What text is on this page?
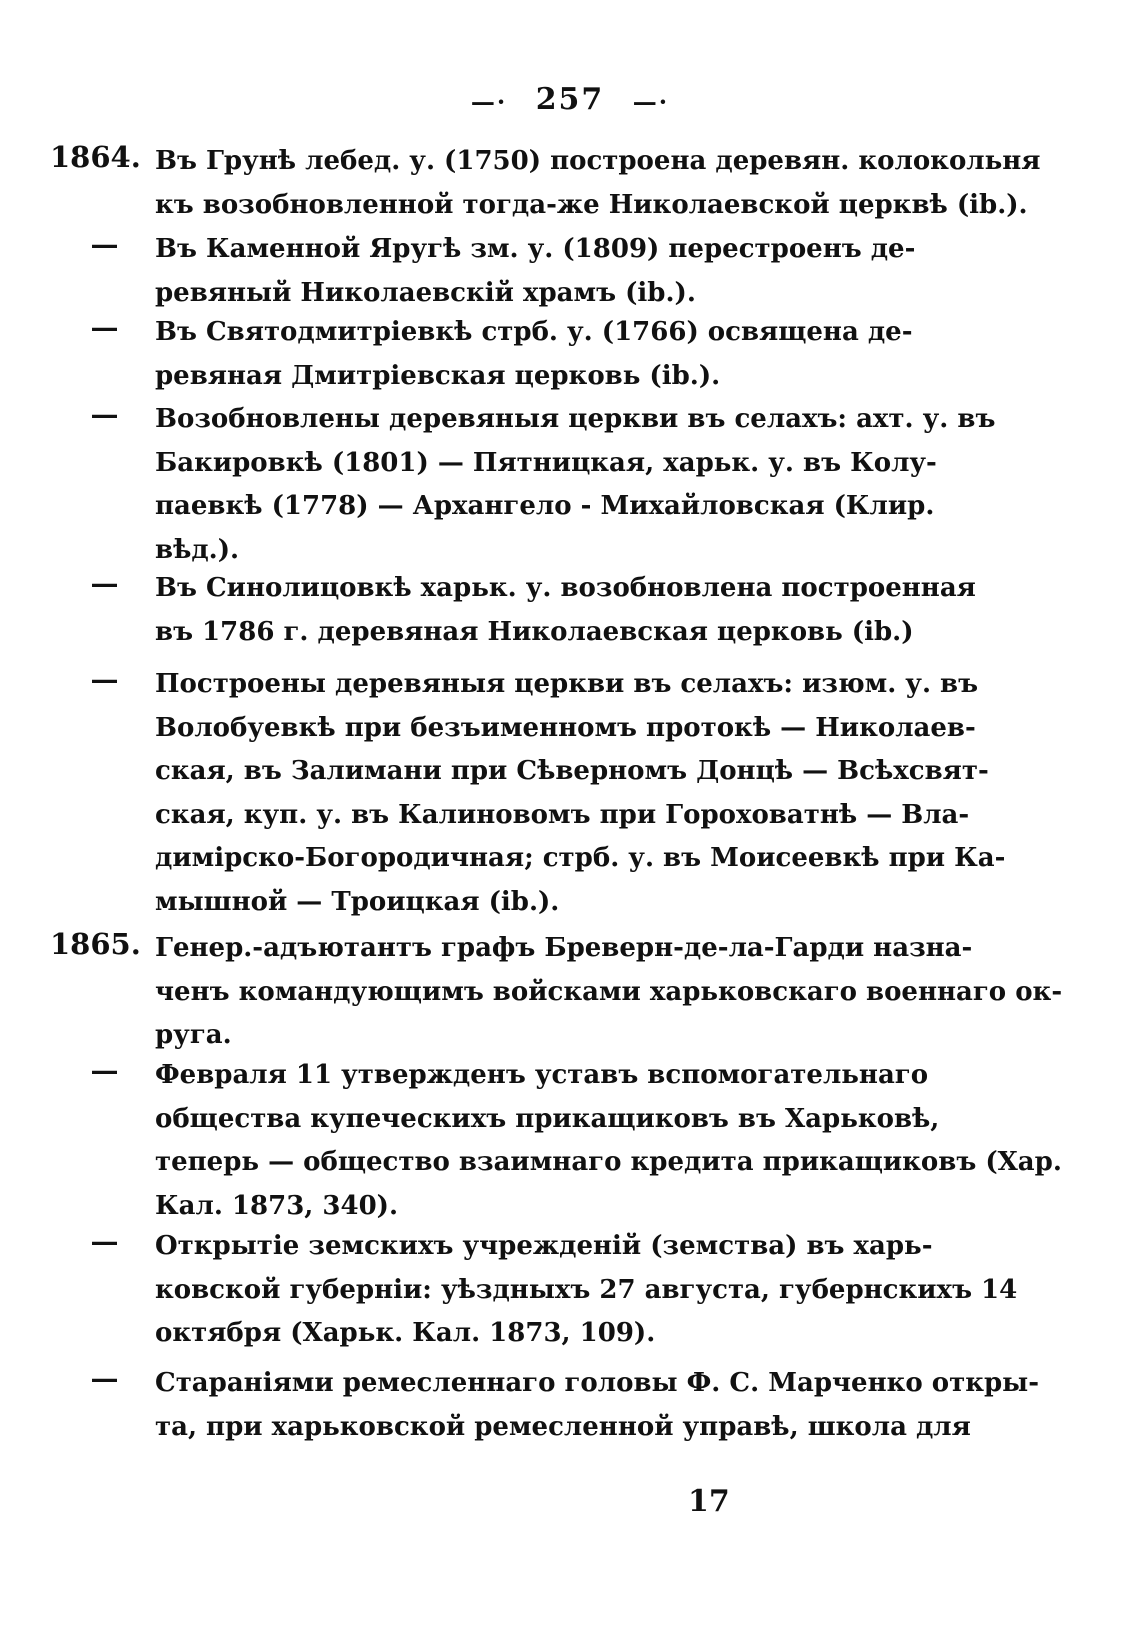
—· 257 —·
1864. Въ Грунѣ лебед. у. (1750) построена деревян. колокольня
къ возобновленной тогда-же Николаевской церквѣ (ib.).
—	Въ Каменной Яругѣ зм. у. (1809) перестроенъ де-
ревяный Николаевскій храмъ (ib.).
—	Въ Святодмитріевкѣ стрб. у. (1766) освящена де-
ревяная Дмитріевская церковь (ib.).
—	Возобновлены деревяныя церкви въ селахъ: ахт. у. въ
Бакировкѣ (1801) — Пятницкая, харьк. у. въ Колу-
паевкѣ (1778) — Архангело - Михайловская (Клир.
вѣд.).
—	Въ Синолицовкѣ харьк. у. возобновлена построенная
въ 1786 г. деревяная Николаевская церковь (ib.)
—	Построены деревяныя церкви въ селахъ: изюм. у. въ
Волобуевкѣ при безъименномъ протокѣ — Николаев-
ская, въ Залимани при Сѣверномъ Донцѣ — Всѣхсвят-
ская, куп. у. въ Калиновомъ при Гороховатнѣ — Вла-
димірско-Богородичная; стрб. у. въ Моисеевкѣ при Ка-
мышной — Троицкая (ib.).
1865. Генер.-адъютантъ графъ Бреверн-де-ла-Гарди назна-
ченъ командующимъ войсками харьковскаго военнаго ок-
руга.
—	Февраля 11 утвержденъ уставъ вспомогательнаго
общества купеческихъ прикащиковъ въ Харьковѣ,
теперь — общество взаимнаго кредита прикащиковъ (Хар.
Кал. 1873, 340).
—	Открытіе земскихъ учрежденій (земства) въ харь-
ковской губерніи: уѣздныхъ 27 августа, губернскихъ 14
октября (Харьк. Кал. 1873, 109).
—	Стараніями ремесленнаго головы Ф. С. Марченко откры-
та, при харьковской ремесленной управѣ, школа для
17
